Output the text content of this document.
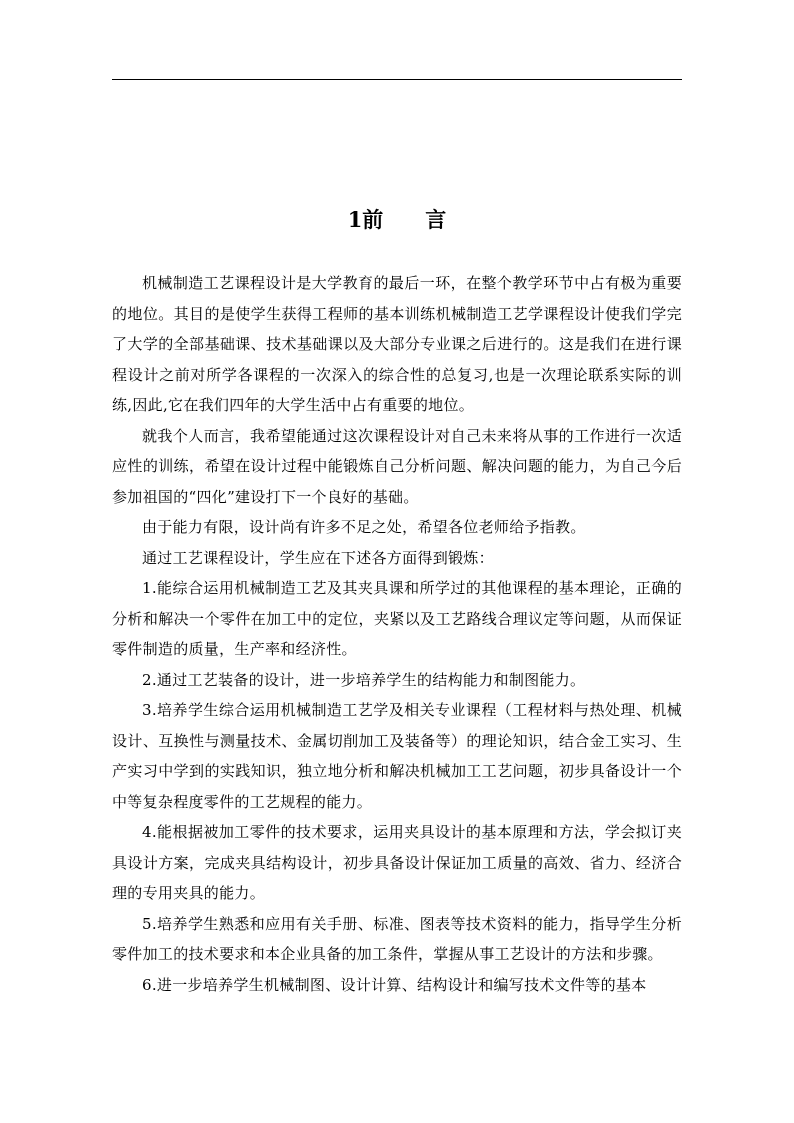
1前　　言

机械制造工艺课程设计是大学教育的最后一环，在整个教学环节中占有极为重要的地位。其目的是使学生获得工程师的基本训练机械制造工艺学课程设计使我们学完了大学的全部基础课、技术基础课以及大部分专业课之后进行的。这是我们在进行课程设计之前对所学各课程的一次深入的综合性的总复习,也是一次理论联系实际的训练,因此,它在我们四年的大学生活中占有重要的地位。

就我个人而言，我希望能通过这次课程设计对自己未来将从事的工作进行一次适应性的训练，希望在设计过程中能锻炼自己分析问题、解决问题的能力，为自己今后参加祖国的“四化”建设打下一个良好的基础。

由于能力有限，设计尚有许多不足之处，希望各位老师给予指教。

通过工艺课程设计，学生应在下述各方面得到锻炼：

1.能综合运用机械制造工艺及其夹具课和所学过的其他课程的基本理论，正确的分析和解决一个零件在加工中的定位，夹紧以及工艺路线合理议定等问题，从而保证零件制造的质量，生产率和经济性。

2.通过工艺装备的设计，进一步培养学生的结构能力和制图能力。

3.培养学生综合运用机械制造工艺学及相关专业课程（工程材料与热处理、机械设计、互换性与测量技术、金属切削加工及装备等）的理论知识，结合金工实习、生产实习中学到的实践知识，独立地分析和解决机械加工工艺问题，初步具备设计一个中等复杂程度零件的工艺规程的能力。

4.能根据被加工零件的技术要求，运用夹具设计的基本原理和方法，学会拟订夹具设计方案，完成夹具结构设计，初步具备设计保证加工质量的高效、省力、经济合理的专用夹具的能力。

5.培养学生熟悉和应用有关手册、标准、图表等技术资料的能力，指导学生分析零件加工的技术要求和本企业具备的加工条件，掌握从事工艺设计的方法和步骤。

6.进一步培养学生机械制图、设计计算、结构设计和编写技术文件等的基本
